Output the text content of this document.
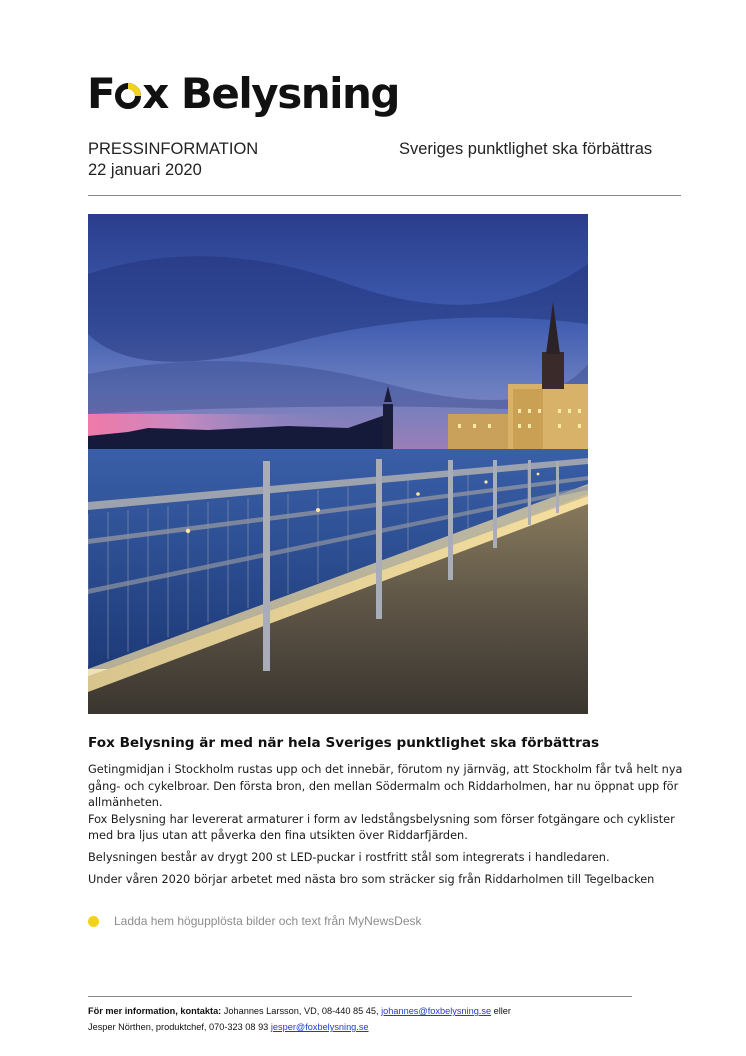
F x Belysning
PRESSINFORMATION
22 januari 2020
Sveriges punktlighet ska förbättras
Fox Belysning är med när hela Sveriges punktlighet ska förbättras

Getingmidjan i Stockholm rustas upp och det innebär, förutom ny järnväg, att Stockholm får två helt nya gång- och cykelbroar. Den första bron, den mellan Södermalm och Riddarholmen, har nu öppnat upp för allmänheten.

Fox Belysning har levererat armaturer i form av ledstångsbelysning som förser fotgängare och cyklister med bra ljus utan att påverka den fina utsikten över Riddarfjärden.

Belysningen består av drygt 200 st LED-puckar i rostfritt stål som integrerats i handledaren.

Under våren 2020 börjar arbetet med nästa bro som sträcker sig från Riddarholmen till Tegelbacken

Ladda hem högupplösta bilder och text från MyNewsDesk
För mer information, kontakta: Johannes Larsson, VD, 08-440 85 45, johannes@foxbelysning.se eller
Jesper Nörthen, produktchef, 070-323 08 93 jesper@foxbelysning.se
